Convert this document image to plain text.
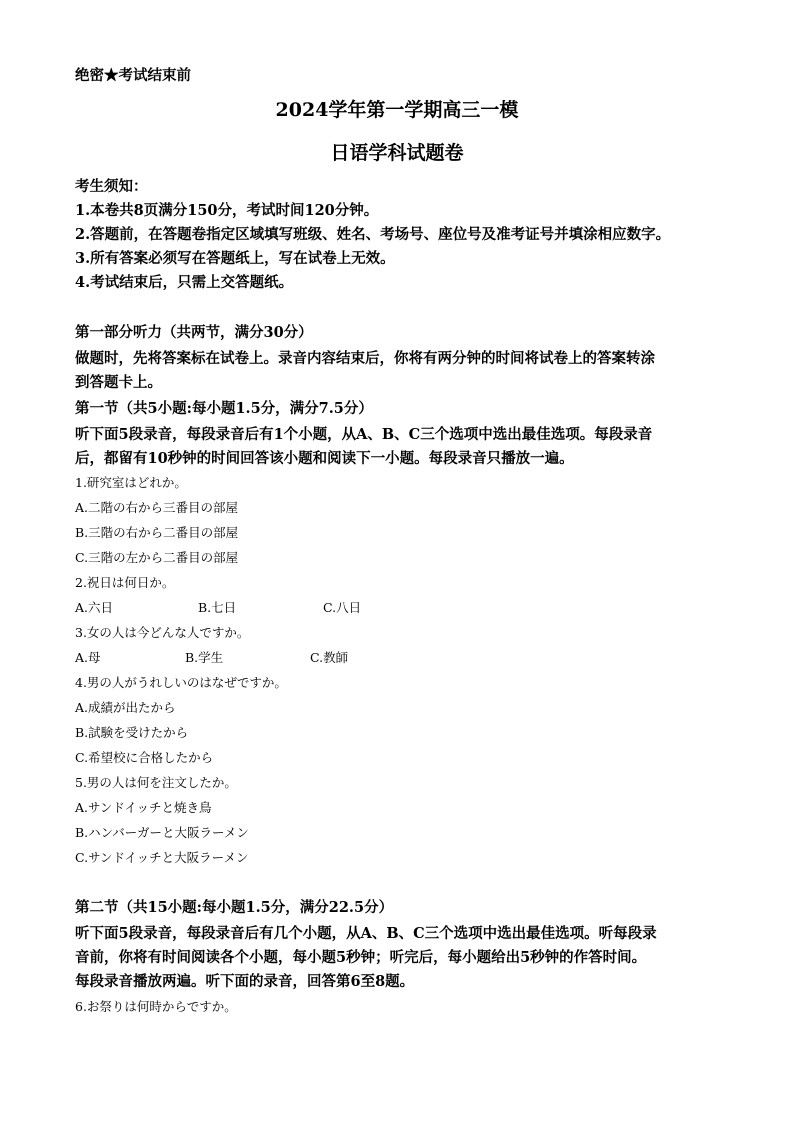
绝密★考试结束前
2024学年第一学期高三一模
日语学科试题卷
考生须知：
1.本卷共8页满分150分，考试时间120分钟。
2.答题前，在答题卷指定区域填写班级、姓名、考场号、座位号及准考证号并填涂相应数字。
3.所有答案必须写在答题纸上，写在试卷上无效。
4.考试结束后，只需上交答题纸。
第一部分听力（共两节，满分30分）
做题时，先将答案标在试卷上。录音内容结束后，你将有两分钟的时间将试卷上的答案转涂
到答题卡上。
第一节（共5小题:每小题1.5分，满分7.5分）
听下面5段录音，每段录音后有1个小题，从A、B、C三个选项中选出最佳选项。每段录音
后，都留有10秒钟的时间回答该小题和阅读下一小题。每段录音只播放一遍。
1.研究室はどれか。
A.二階の右から三番目の部屋
B.三階の右から二番目の部屋
C.三階の左から二番目の部屋
2.祝日は何日か。
A.六日	B.七日	C.八日
3.女の人は今どんな人ですか。
A.母	B.学生	C.教師
4.男の人がうれしいのはなぜですか。
A.成績が出たから
B.試験を受けたから
C.希望校に合格したから
5.男の人は何を注文したか。
A.サンドイッチと焼き鳥
B.ハンバーガーと大阪ラーメン
C.サンドイッチと大阪ラーメン
第二节（共15小题:每小题1.5分，满分22.5分）
听下面5段录音，每段录音后有几个小题，从A、B、C三个选项中选出最佳选项。听每段录
音前，你将有时间阅读各个小题，每小题5秒钟；听完后，每小题给出5秒钟的作答时间。
每段录音播放两遍。听下面的录音，回答第6至8题。
6.お祭りは何時からですか。
